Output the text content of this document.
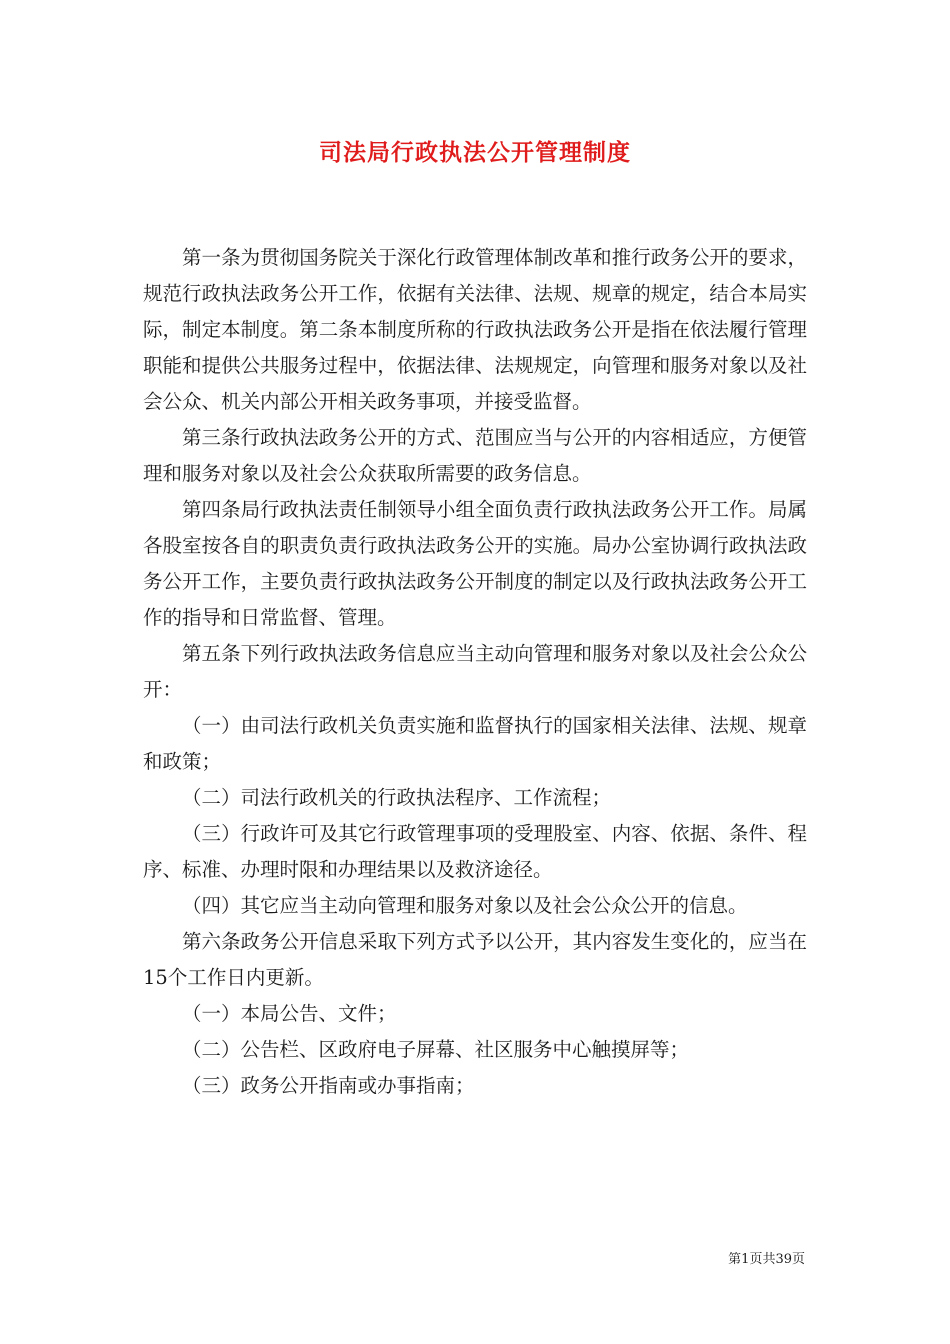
司法局行政执法公开管理制度

第一条为贯彻国务院关于深化行政管理体制改革和推行政务公开的要求，规范行政执法政务公开工作，依据有关法律、法规、规章的规定，结合本局实际，制定本制度。第二条本制度所称的行政执法政务公开是指在依法履行管理职能和提供公共服务过程中，依据法律、法规规定，向管理和服务对象以及社会公众、机关内部公开相关政务事项，并接受监督。

第三条行政执法政务公开的方式、范围应当与公开的内容相适应，方便管理和服务对象以及社会公众获取所需要的政务信息。

第四条局行政执法责任制领导小组全面负责行政执法政务公开工作。局属各股室按各自的职责负责行政执法政务公开的实施。局办公室协调行政执法政务公开工作，主要负责行政执法政务公开制度的制定以及行政执法政务公开工作的指导和日常监督、管理。

第五条下列行政执法政务信息应当主动向管理和服务对象以及社会公众公开：

（一）由司法行政机关负责实施和监督执行的国家相关法律、法规、规章和政策；

（二）司法行政机关的行政执法程序、工作流程；

（三）行政许可及其它行政管理事项的受理股室、内容、依据、条件、程序、标准、办理时限和办理结果以及救济途径。

（四）其它应当主动向管理和服务对象以及社会公众公开的信息。

第六条政务公开信息采取下列方式予以公开，其内容发生变化的，应当在15个工作日内更新。

（一）本局公告、文件；

（二）公告栏、区政府电子屏幕、社区服务中心触摸屏等；

（三）政务公开指南或办事指南；

第1页共39页
